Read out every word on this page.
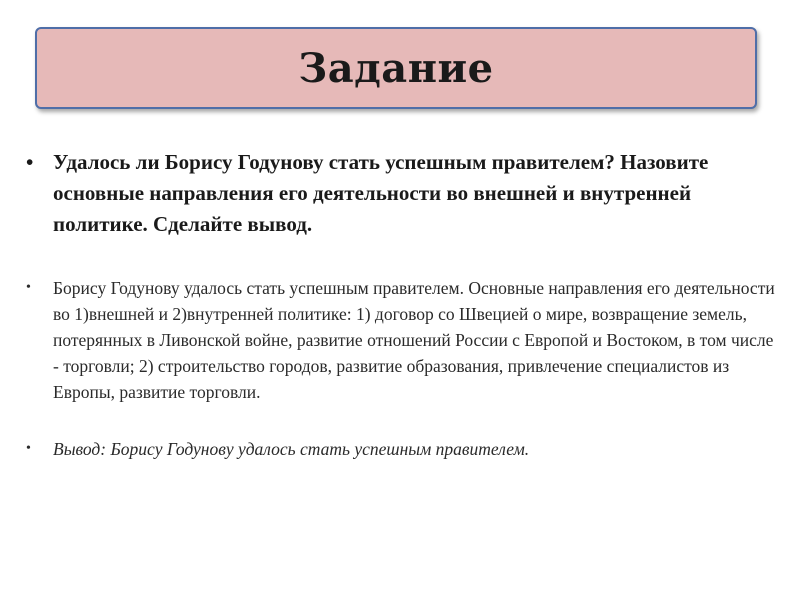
Задание
• Удалось ли Борису Годунову стать успешным правителем? Назовите основные направления его деятельности во внешней и внутренней политике. Сделайте вывод.
• Борису Годунову удалось стать успешным правителем. Основные направления его деятельности во 1)внешней и 2)внутренней политике: 1) договор со Швецией о мире, возвращение земель, потерянных в Ливонской войне, развитие отношений России с Европой и Востоком, в том числе - торговли; 2) строительство городов, развитие образования, привлечение специалистов из Европы, развитие торговли.
• Вывод: Борису Годунову удалось стать успешным правителем.
